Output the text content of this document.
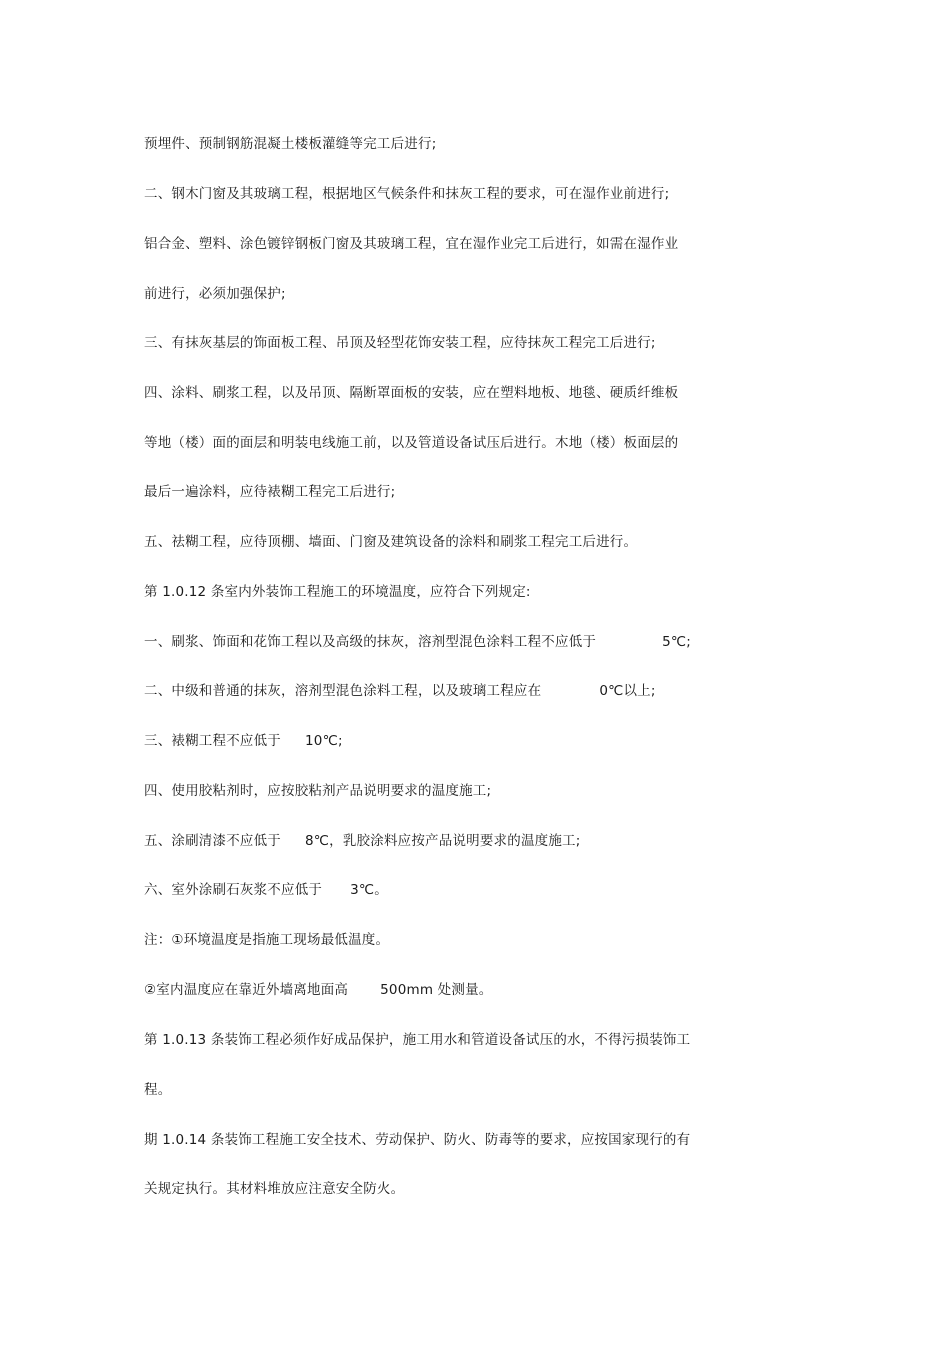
预埋件、预制钢筋混凝土楼板灌缝等完工后进行;
二、钢木门窗及其玻璃工程，根据地区气候条件和抹灰工程的要求，可在湿作业前进行;
铝合金、塑料、涂色镀锌钢板门窗及其玻璃工程，宜在湿作业完工后进行，如需在湿作业
前进行，必须加强保护;
三、有抹灰基层的饰面板工程、吊顶及轻型花饰安装工程，应待抹灰工程完工后进行;
四、涂料、刷浆工程，以及吊顶、隔断罩面板的安装，应在塑料地板、地毯、硬质纤维板
等地（楼）面的面层和明装电线施工前，以及管道设备试压后进行。木地（楼）板面层的
最后一遍涂料，应待裱糊工程完工后进行;
五、祛糊工程，应待顶棚、墙面、门窗及建筑设备的涂料和刷浆工程完工后进行。
第 1.0.12 条室内外装饰工程施工的环境温度，应符合下列规定:
一、刷浆、饰面和花饰工程以及高级的抹灰，溶剂型混色涂料工程不应低于	5℃;
二、中级和普通的抹灰，溶剂型混色涂料工程，以及玻璃工程应在	0℃以上;
三、裱糊工程不应低于 10℃;
四、使用胶粘剂时，应按胶粘剂产品说明要求的温度施工;
五、涂刷清漆不应低于 8℃，乳胶涂料应按产品说明要求的温度施工;
六、室外涂刷石灰浆不应低于 3℃。
注：①环境温度是指施工现场最低温度。
②室内温度应在靠近外墙离地面高 500mm 处测量。
第 1.0.13 条装饰工程必须作好成品保护，施工用水和管道设备试压的水，不得污损装饰工
程。
期 1.0.14 条装饰工程施工安全技术、劳动保护、防火、防毒等的要求，应按国家现行的有
关规定执行。其材料堆放应注意安全防火。
